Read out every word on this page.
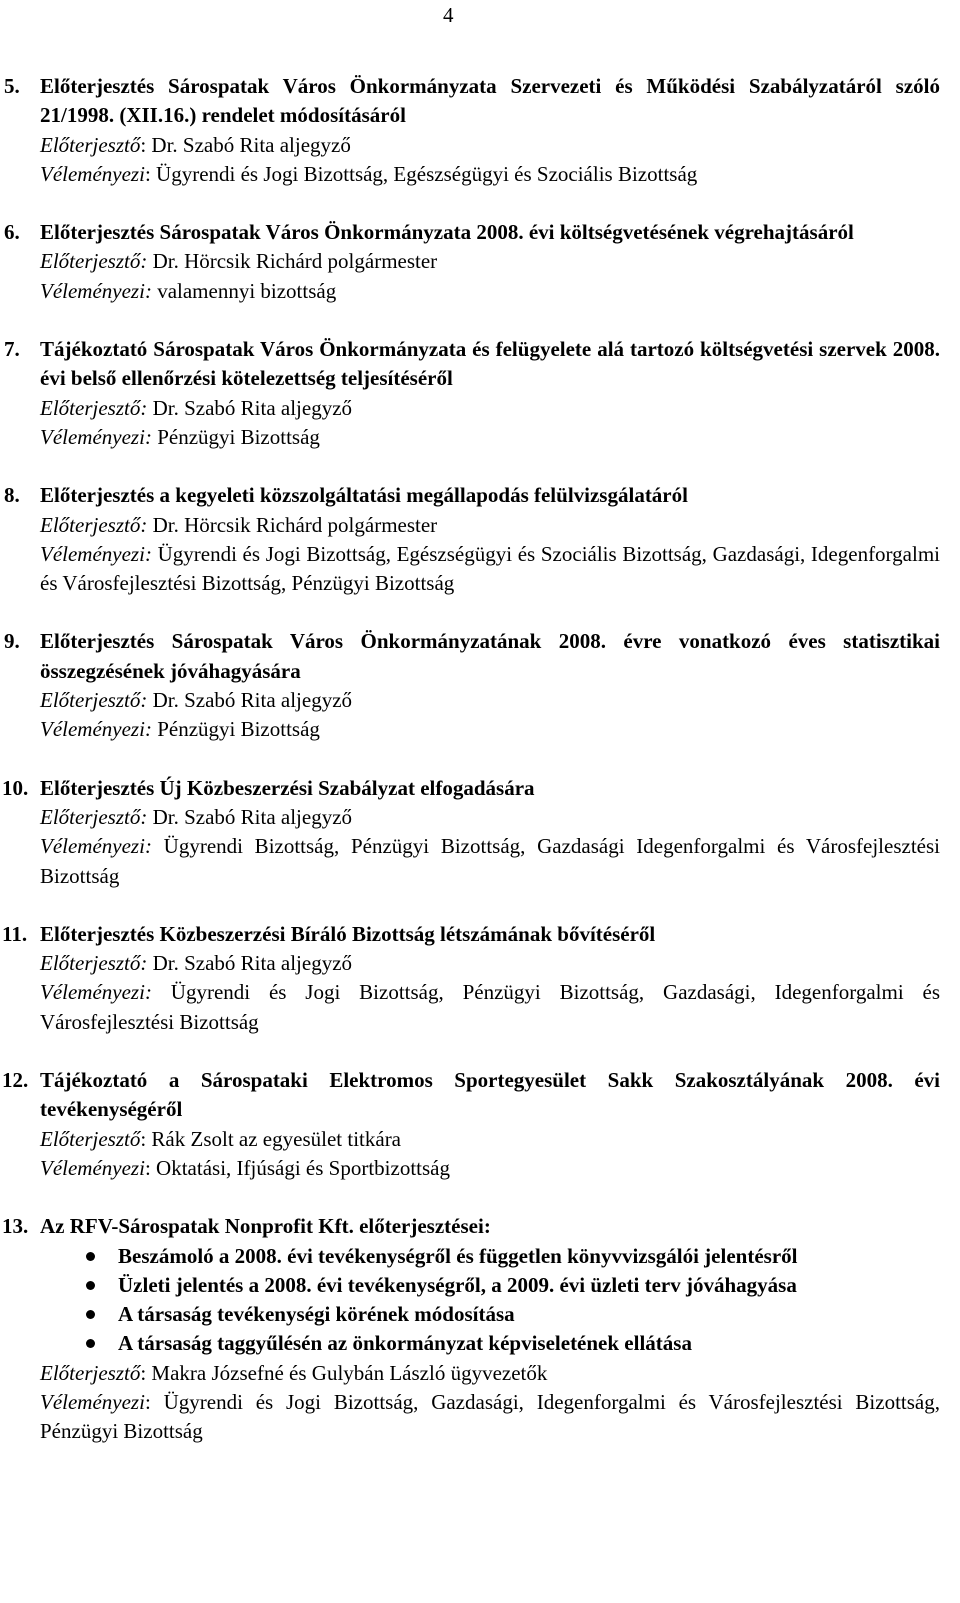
4
5. Előterjesztés Sárospatak Város Önkormányzata Szervezeti és Működési Szabályzatáról szóló 21/1998. (XII.16.) rendelet módosításáról
Előterjesztő: Dr. Szabó Rita aljegyző
Véleményezi: Ügyrendi és Jogi Bizottság, Egészségügyi és Szociális Bizottság
6. Előterjesztés Sárospatak Város Önkormányzata 2008. évi költségvetésének végrehajtásáról
Előterjesztő: Dr. Hörcsik Richárd polgármester
Véleményezi: valamennyi bizottság
7. Tájékoztató Sárospatak Város Önkormányzata és felügyelete alá tartozó költségvetési szervek 2008. évi belső ellenőrzési kötelezettség teljesítéséről
Előterjesztő: Dr. Szabó Rita aljegyző
Véleményezi: Pénzügyi Bizottság
8. Előterjesztés a kegyeleti közszolgáltatási megállapodás felülvizsgálatáról
Előterjesztő: Dr. Hörcsik Richárd polgármester
Véleményezi: Ügyrendi és Jogi Bizottság, Egészségügyi és Szociális Bizottság, Gazdasági, Idegenforgalmi és Városfejlesztési Bizottság, Pénzügyi Bizottság
9. Előterjesztés Sárospatak Város Önkormányzatának 2008. évre vonatkozó éves statisztikai összegzésének jóváhagyására
Előterjesztő: Dr. Szabó Rita aljegyző
Véleményezi: Pénzügyi Bizottság
10. Előterjesztés Új Közbeszerzési Szabályzat elfogadására
Előterjesztő: Dr. Szabó Rita aljegyző
Véleményezi: Ügyrendi Bizottság, Pénzügyi Bizottság, Gazdasági Idegenforgalmi és Városfejlesztési Bizottság
11. Előterjesztés Közbeszerzési Bíráló Bizottság létszámának bővítéséről
Előterjesztő: Dr. Szabó Rita aljegyző
Véleményezi: Ügyrendi és Jogi Bizottság, Pénzügyi Bizottság, Gazdasági, Idegenforgalmi és Városfejlesztési Bizottság
12. Tájékoztató a Sárospataki Elektromos Sportegyesület Sakk Szakosztályának 2008. évi tevékenységéről
Előterjesztő: Rák Zsolt az egyesület titkára
Véleményezi: Oktatási, Ifjúsági és Sportbizottság
13. Az RFV-Sárospatak Nonprofit Kft. előterjesztései:
Beszámoló a 2008. évi tevékenységről és független könyvvizsgálói jelentésről
Üzleti jelentés a 2008. évi tevékenységről, a 2009. évi üzleti terv jóváhagyása
A társaság tevékenységi körének módosítása
A társaság taggyűlésén az önkormányzat képviseletének ellátása
Előterjesztő: Makra Józsefné és Gulybán László ügyvezetők
Véleményezi: Ügyrendi és Jogi Bizottság, Gazdasági, Idegenforgalmi és Városfejlesztési Bizottság, Pénzügyi Bizottság
